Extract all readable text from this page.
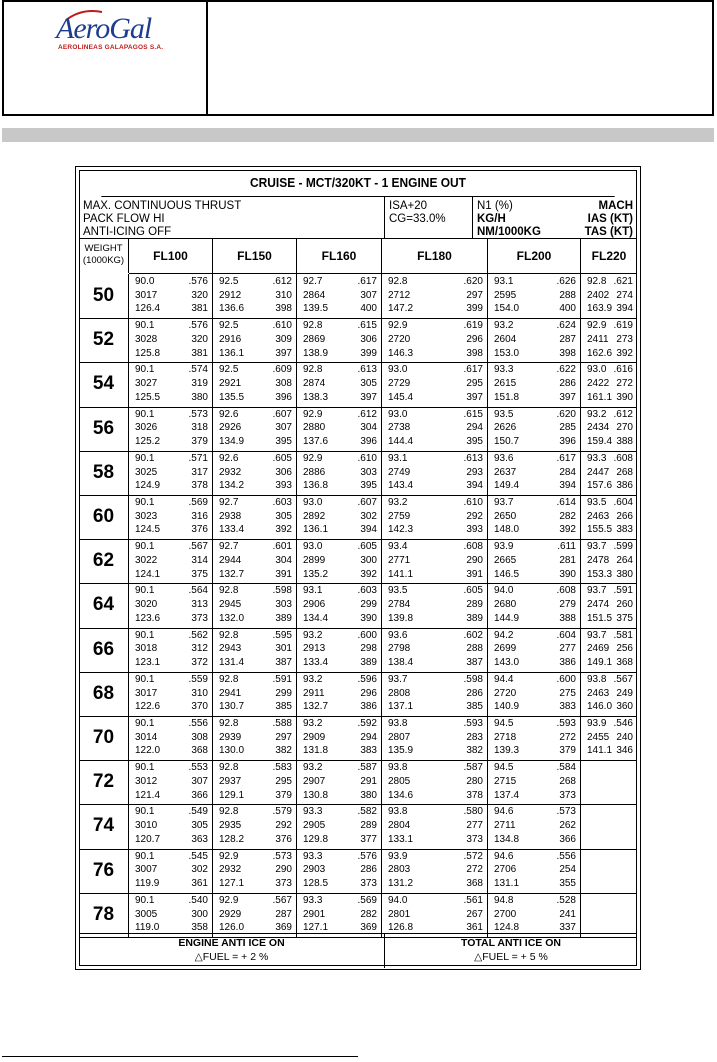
AeroGal
AEROLINEAS GALAPAGOS S.A.
CRUISE - MCT/320KT - 1 ENGINE OUT
MAX. CONTINUOUS THRUST
PACK FLOW HI
ANTI-ICING OFF
ISA+20
CG=33.0%
N1 (%)	MACH
KG/H	IAS (KT)
NM/1000KG	TAS (KT)
WEIGHT
(1000KG)	FL100	FL150	FL160	FL180	FL200	FL220
50
90.0	.576
3017	320
126.4	381
92.5	.612
2912	310
136.6	398
92.7	.617
2864	307
139.5	400
92.8	.620
2712	297
147.2	399
93.1	.626
2595	288
154.0	400
92.8 .621
2402 274
163.9 394
52
90.1	.576
3028	320
125.8	381
92.5	.610
2916	309
136.1	397
92.8	.615
2869	306
138.9	399
92.9	.619
2720	296
146.3	398
93.2	.624
2604	287
153.0	398
92.9 .619
2411 273
162.6 392
54
90.1	.574
3027	319
125.5	380
92.5	.609
2921	308
135.5	396
92.8	.613
2874	305
138.3	397
93.0	.617
2729	295
145.4	397
93.3	.622
2615	286
151.8	397
93.0 .616
2422 272
161.1 390
56
90.1	.573
3026	318
125.2	379
92.6	.607
2926	307
134.9	395
92.9	.612
2880	304
137.6	396
93.0	.615
2738	294
144.4	395
93.5	.620
2626	285
150.7	396
93.2 .612
2434 270
159.4 388
58
90.1	.571
3025	317
124.9	378
92.6	.605
2932	306
134.2	393
92.9	.610
2886	303
136.8	395
93.1	.613
2749	293
143.4	394
93.6	.617
2637	284
149.4	394
93.3 .608
2447 268
157.6 386
60
90.1	.569
3023	316
124.5	376
92.7	.603
2938	305
133.4	392
93.0	.607
2892	302
136.1	394
93.2	.610
2759	292
142.3	393
93.7	.614
2650	282
148.0	392
93.5 .604
2463 266
155.5 383
62
90.1	.567
3022	314
124.1	375
92.7	.601
2944	304
132.7	391
93.0	.605
2899	300
135.2	392
93.4	.608
2771	290
141.1	391
93.9	.611
2665	281
146.5	390
93.7 .599
2478 264
153.3 380
64
90.1	.564
3020	313
123.6	373
92.8	.598
2945	303
132.0	389
93.1	.603
2906	299
134.4	390
93.5	.605
2784	289
139.8	389
94.0	.608
2680	279
144.9	388
93.7 .591
2474 260
151.5 375
66
90.1	.562
3018	312
123.1	372
92.8	.595
2943	301
131.4	387
93.2	.600
2913	298
133.4	389
93.6	.602
2798	288
138.4	387
94.2	.604
2699	277
143.0	386
93.7 .581
2469 256
149.1 368
68
90.1	.559
3017	310
122.6	370
92.8	.591
2941	299
130.7	385
93.2	.596
2911	296
132.7	386
93.7	.598
2808	286
137.1	385
94.4	.600
2720	275
140.9	383
93.8 .567
2463 249
146.0 360
70
90.1	.556
3014	308
122.0	368
92.8	.588
2939	297
130.0	382
93.2	.592
2909	294
131.8	383
93.8	.593
2807	283
135.9	382
94.5	.593
2718	272
139.3	379
93.9 .546
2455 240
141.1 346
72
90.1	.553
3012	307
121.4	366
92.8	.583
2937	295
129.1	379
93.2	.587
2907	291
130.8	380
93.8	.587
2805	280
134.6	378
94.5	.584
2715	268
137.4	373
74
90.1	.549
3010	305
120.7	363
92.8	.579
2935	292
128.2	376
93.3	.582
2905	289
129.8	377
93.8	.580
2804	277
133.1	373
94.6	.573
2711	262
134.8	366
76
90.1	.545
3007	302
119.9	361
92.9	.573
2932	290
127.1	373
93.3	.576
2903	286
128.5	373
93.9	.572
2803	272
131.2	368
94.6	.556
2706	254
131.1	355
78
90.1	.540
3005	300
119.0	358
92.9	.567
2929	287
126.0	369
93.3	.569
2901	282
127.1	369
94.0	.561
2801	267
126.8	361
94.8	.528
2700	241
124.8	337
ENGINE ANTI ICE ON
△FUEL = + 2 %
TOTAL ANTI ICE ON
△FUEL = + 5 %
